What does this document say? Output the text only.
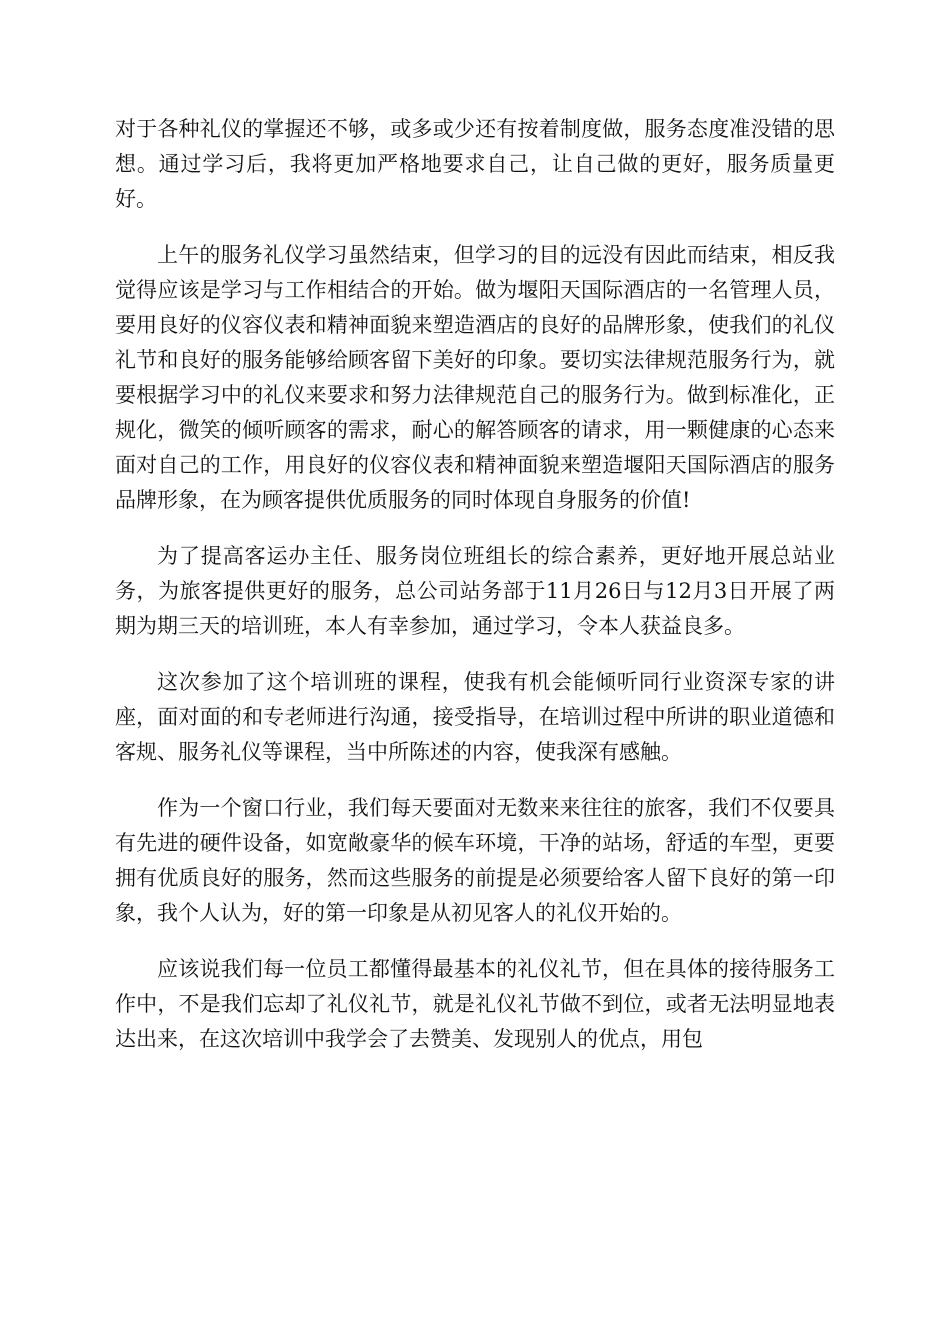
对于各种礼仪的掌握还不够，或多或少还有按着制度做，服务态度准没错的思想。通过学习后，我将更加严格地要求自己，让自己做的更好，服务质量更好。

上午的服务礼仪学习虽然结束，但学习的目的远没有因此而结束，相反我觉得应该是学习与工作相结合的开始。做为堰阳天国际酒店的一名管理人员，要用良好的仪容仪表和精神面貌来塑造酒店的良好的品牌形象，使我们的礼仪礼节和良好的服务能够给顾客留下美好的印象。要切实法律规范服务行为，就要根据学习中的礼仪来要求和努力法律规范自己的服务行为。做到标准化，正规化，微笑的倾听顾客的需求，耐心的解答顾客的请求，用一颗健康的心态来面对自己的工作，用良好的仪容仪表和精神面貌来塑造堰阳天国际酒店的服务品牌形象，在为顾客提供优质服务的同时体现自身服务的价值!

为了提高客运办主任、服务岗位班组长的综合素养，更好地开展总站业务，为旅客提供更好的服务，总公司站务部于11月26日与12月3日开展了两期为期三天的培训班，本人有幸参加，通过学习，令本人获益良多。

这次参加了这个培训班的课程，使我有机会能倾听同行业资深专家的讲座，面对面的和专老师进行沟通，接受指导，在培训过程中所讲的职业道德和客规、服务礼仪等课程，当中所陈述的内容，使我深有感触。

作为一个窗口行业，我们每天要面对无数来来往往的旅客，我们不仅要具有先进的硬件设备，如宽敞豪华的候车环境，干净的站场，舒适的车型，更要拥有优质良好的服务，然而这些服务的前提是必须要给客人留下良好的第一印象，我个人认为，好的第一印象是从初见客人的礼仪开始的。

应该说我们每一位员工都懂得最基本的礼仪礼节，但在具体的接待服务工作中，不是我们忘却了礼仪礼节，就是礼仪礼节做不到位，或者无法明显地表达出来，在这次培训中我学会了去赞美、发现别人的优点，用包
